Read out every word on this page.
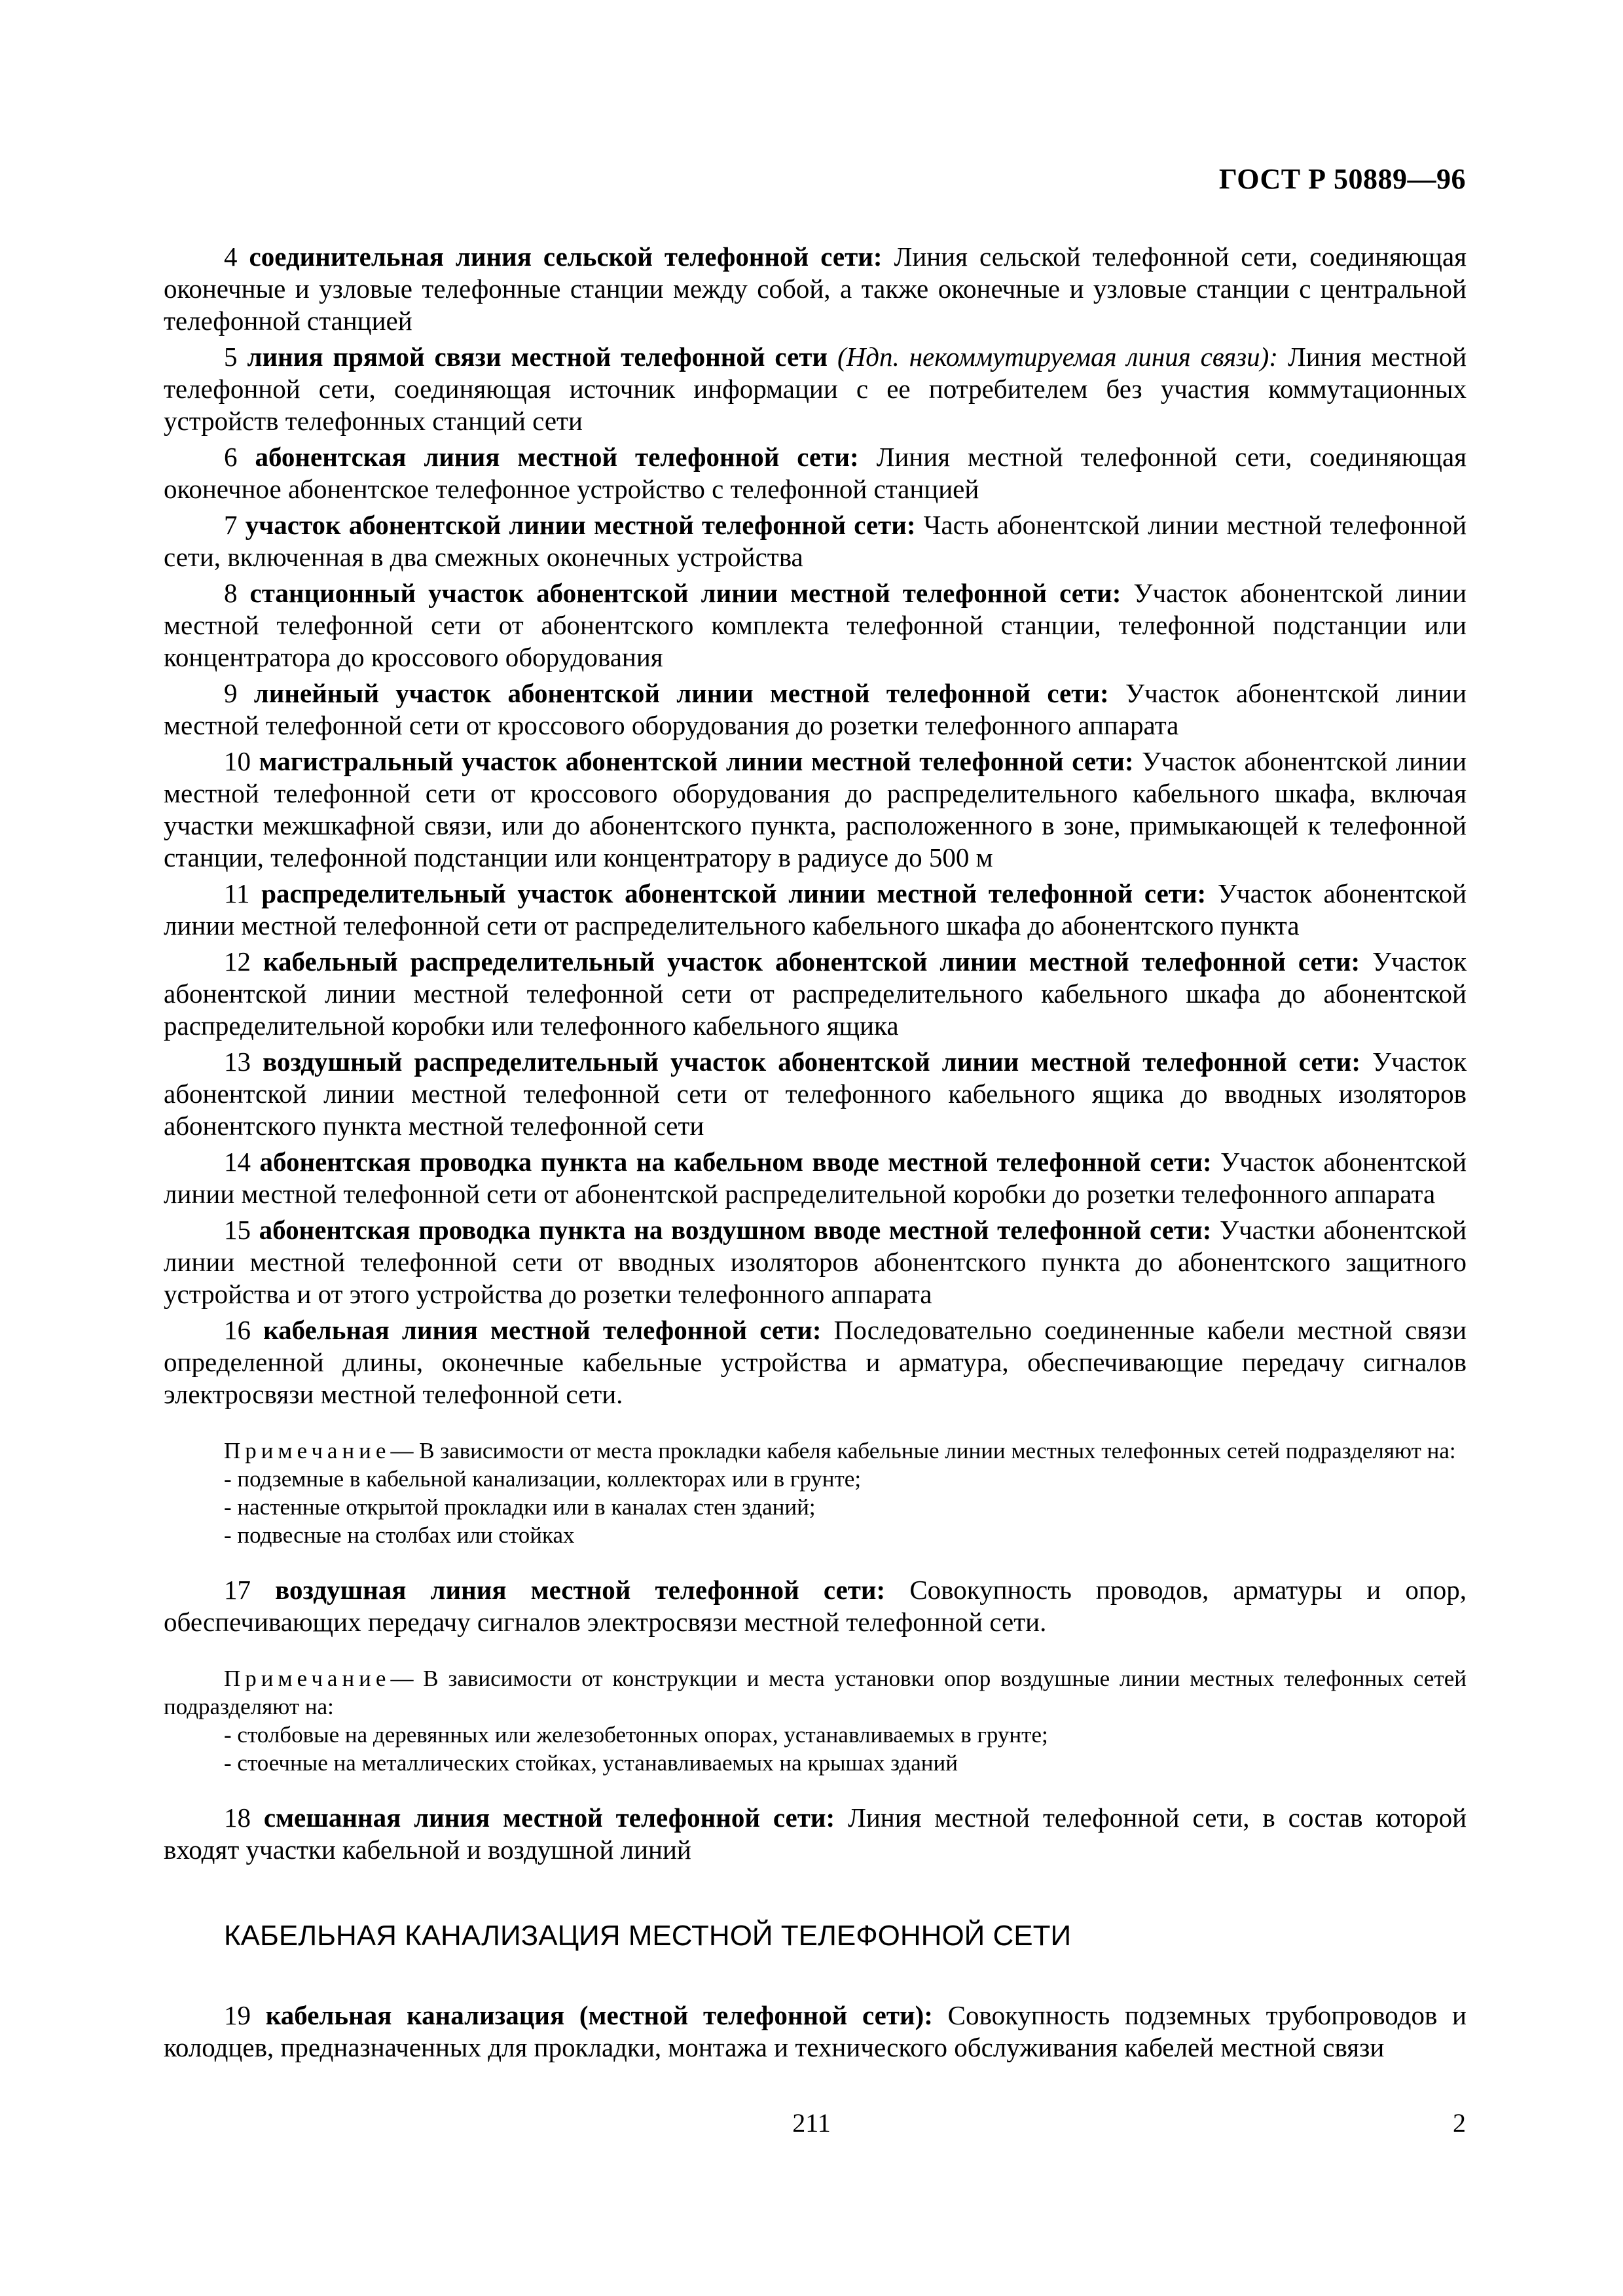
ГОСТ Р 50889—96

4 соединительная линия сельской телефонной сети: Линия сельской телефонной сети, соединяющая оконечные и узловые телефонные станции между собой, а также оконечные и узловые станции с центральной телефонной станцией

5 линия прямой связи местной телефонной сети (Ндп. некоммутируемая линия связи): Линия местной телефонной сети, соединяющая источник информации с ее потребителем без участия коммутационных устройств телефонных станций сети

6 абонентская линия местной телефонной сети: Линия местной телефонной сети, соединяющая оконечное абонентское телефонное устройство с телефонной станцией

7 участок абонентской линии местной телефонной сети: Часть абонентской линии местной телефонной сети, включенная в два смежных оконечных устройства

8 станционный участок абонентской линии местной телефонной сети: Участок абонентской линии местной телефонной сети от абонентского комплекта телефонной станции, телефонной подстанции или концентратора до кроссового оборудования

9 линейный участок абонентской линии местной телефонной сети: Участок абонентской линии местной телефонной сети от кроссового оборудования до розетки телефонного аппарата

10 магистральный участок абонентской линии местной телефонной сети: Участок абонентской линии местной телефонной сети от кроссового оборудования до распределительного кабельного шкафа, включая участки межшкафной связи, или до абонентского пункта, расположенного в зоне, примыкающей к телефонной станции, телефонной подстанции или концентратору в радиусе до 500 м

11 распределительный участок абонентской линии местной телефонной сети: Участок абонентской линии местной телефонной сети от распределительного кабельного шкафа до абонентского пункта

12 кабельный распределительный участок абонентской линии местной телефонной сети: Участок абонентской линии местной телефонной сети от распределительного кабельного шкафа до абонентской распределительной коробки или телефонного кабельного ящика

13 воздушный распределительный участок абонентской линии местной телефонной сети: Участок абонентской линии местной телефонной сети от телефонного кабельного ящика до вводных изоляторов абонентского пункта местной телефонной сети

14 абонентская проводка пункта на кабельном вводе местной телефонной сети: Участок абонентской линии местной телефонной сети от абонентской распределительной коробки до розетки телефонного аппарата

15 абонентская проводка пункта на воздушном вводе местной телефонной сети: Участки абонентской линии местной телефонной сети от вводных изоляторов абонентского пункта до абонентского защитного устройства и от этого устройства до розетки телефонного аппарата

16 кабельная линия местной телефонной сети: Последовательно соединенные кабели местной связи определенной длины, оконечные кабельные устройства и арматура, обеспечивающие передачу сигналов электросвязи местной телефонной сети.

Примечание— В зависимости от места прокладки кабеля кабельные линии местных телефонных сетей подразделяют на:
- подземные в кабельной канализации, коллекторах или в грунте;
- настенные открытой прокладки или в каналах стен зданий;
- подвесные на столбах или стойках

17 воздушная линия местной телефонной сети: Совокупность проводов, арматуры и опор, обеспечивающих передачу сигналов электросвязи местной телефонной сети.

Примечание— В зависимости от конструкции и места установки опор воздушные линии местных телефонных сетей подразделяют на:
- столбовые на деревянных или железобетонных опорах, устанавливаемых в грунте;
- стоечные на металлических стойках, устанавливаемых на крышах зданий

18 смешанная линия местной телефонной сети: Линия местной телефонной сети, в состав которой входят участки кабельной и воздушной линий

КАБЕЛЬНАЯ КАНАЛИЗАЦИЯ МЕСТНОЙ ТЕЛЕФОННОЙ СЕТИ

19 кабельная канализация (местной телефонной сети): Совокупность подземных трубопроводов и колодцев, предназначенных для прокладки, монтажа и технического обслуживания кабелей местной связи

211	2
